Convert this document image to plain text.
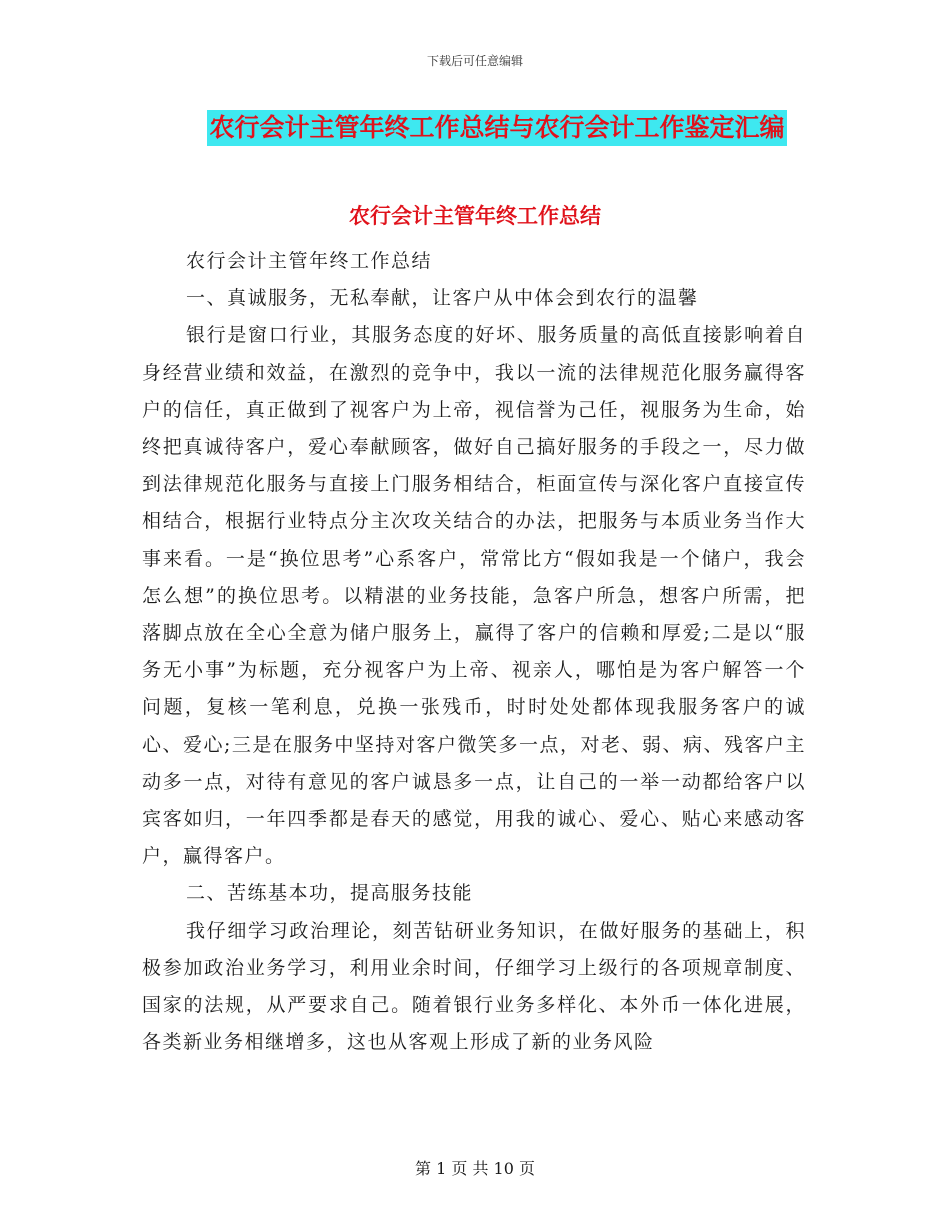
下载后可任意编辑
农行会计主管年终工作总结与农行会计工作鉴定汇编
农行会计主管年终工作总结

农行会计主管年终工作总结

一、真诚服务，无私奉献，让客户从中体会到农行的温馨

银行是窗口行业，其服务态度的好坏、服务质量的高低直接影响着自身经营业绩和效益，在激烈的竞争中，我以一流的法律规范化服务赢得客户的信任，真正做到了视客户为上帝，视信誉为己任，视服务为生命，始终把真诚待客户，爱心奉献顾客，做好自己搞好服务的手段之一，尽力做到法律规范化服务与直接上门服务相结合，柜面宣传与深化客户直接宣传相结合，根据行业特点分主次攻关结合的办法，把服务与本质业务当作大事来看。一是“换位思考”心系客户，常常比方“假如我是一个储户，我会怎么想”的换位思考。以精湛的业务技能，急客户所急，想客户所需，把落脚点放在全心全意为储户服务上，赢得了客户的信赖和厚爱;二是以“服务无小事”为标题，充分视客户为上帝、视亲人，哪怕是为客户解答一个问题，复核一笔利息，兑换一张残币，时时处处都体现我服务客户的诚心、爱心;三是在服务中坚持对客户微笑多一点，对老、弱、病、残客户主动多一点，对待有意见的客户诚恳多一点，让自己的一举一动都给客户以宾客如归，一年四季都是春天的感觉，用我的诚心、爱心、贴心来感动客户，赢得客户。

二、苦练基本功，提高服务技能

我仔细学习政治理论，刻苦钻研业务知识，在做好服务的基础上，积极参加政治业务学习，利用业余时间，仔细学习上级行的各项规章制度、国家的法规，从严要求自己。随着银行业务多样化、本外币一体化进展，各类新业务相继增多，这也从客观上形成了新的业务风险

第 1 页 共 10 页
